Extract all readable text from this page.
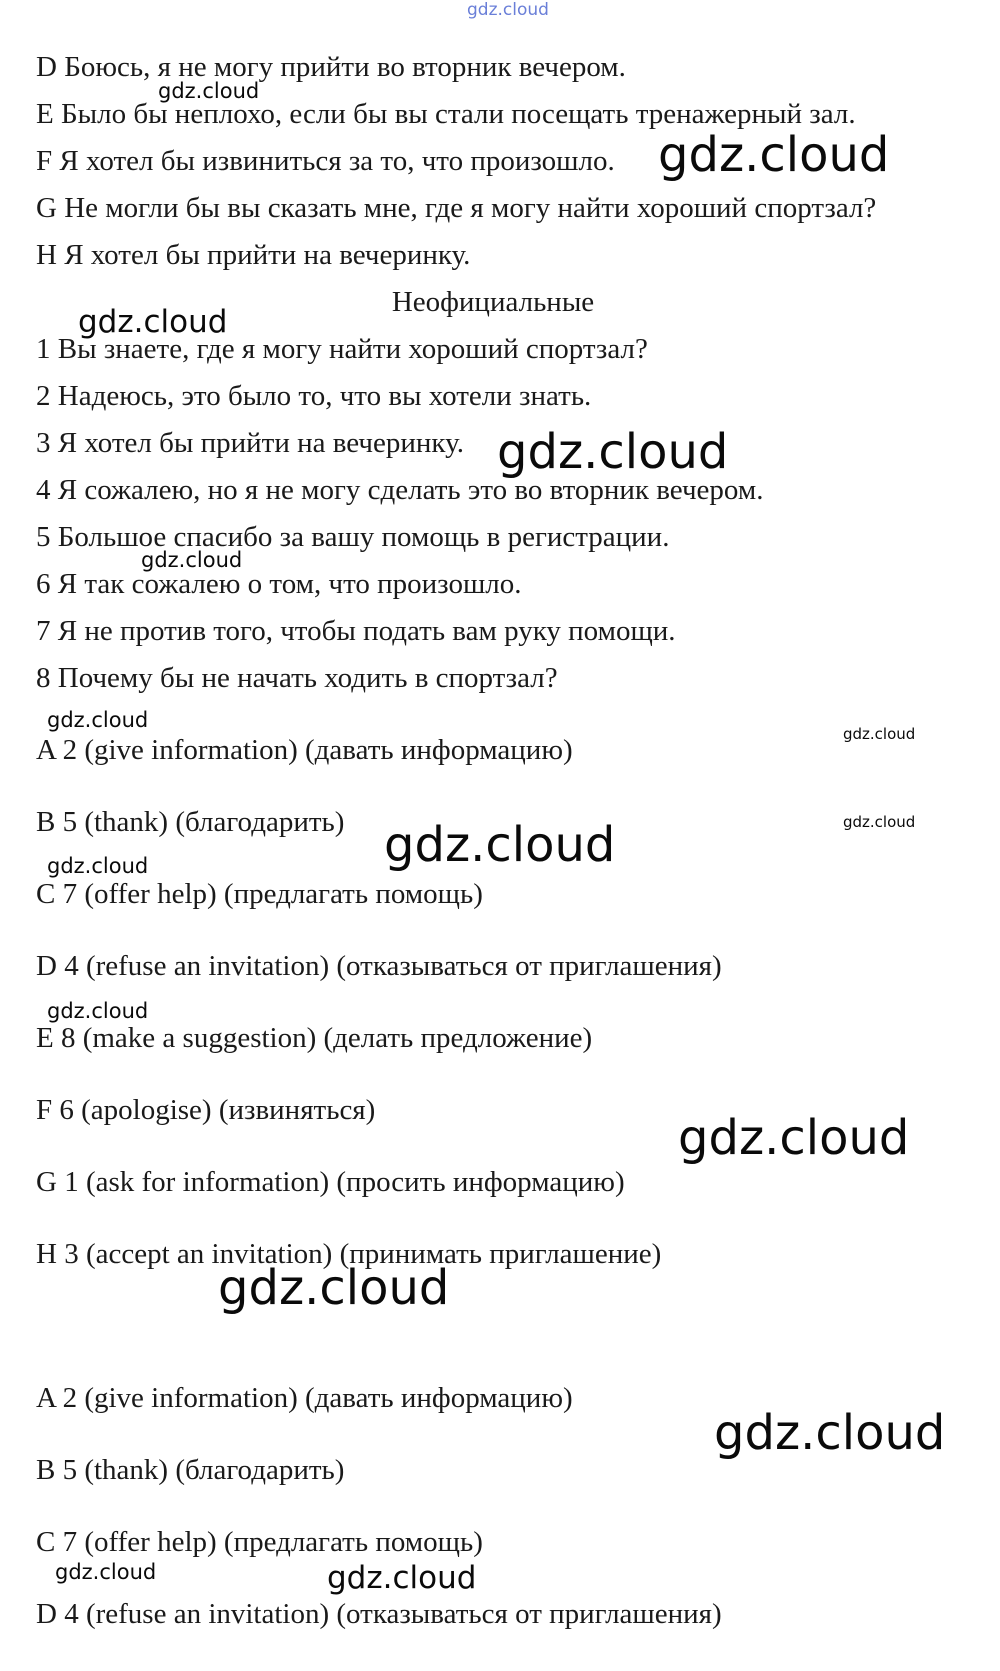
gdz.cloud
D Боюсь, я не могу прийти во вторник вечером.
E Было бы неплохо, если бы вы стали посещать тренажерный зал.
F Я хотел бы извиниться за то, что произошло.
G Не могли бы вы сказать мне, где я могу найти хороший спортзал?
H Я хотел бы прийти на вечеринку.
Неофициальные
1 Вы знаете, где я могу найти хороший спортзал?
2 Надеюсь, это было то, что вы хотели знать.
3 Я хотел бы прийти на вечеринку.
4 Я сожалею, но я не могу сделать это во вторник вечером.
5 Большое спасибо за вашу помощь в регистрации.
6 Я так сожалею о том, что произошло.
7 Я не против того, чтобы подать вам руку помощи.
8 Почему бы не начать ходить в спортзал?
A 2 (give information) (давать информацию)
B 5 (thank) (благодарить)
C 7 (offer help) (предлагать помощь)
D 4 (refuse an invitation) (отказываться от приглашения)
E 8 (make a suggestion) (делать предложение)
F 6 (apologise) (извиняться)
G 1 (ask for information) (просить информацию)
H 3 (accept an invitation) (принимать приглашение)
A 2 (give information) (давать информацию)
B 5 (thank) (благодарить)
C 7 (offer help) (предлагать помощь)
D 4 (refuse an invitation) (отказываться от приглашения)
gdz.cloud
gdz.cloud
gdz.cloud
gdz.cloud
gdz.cloud
gdz.cloud
gdz.cloud
gdz.cloud
gdz.cloud
gdz.cloud
gdz.cloud
gdz.cloud
gdz.cloud
gdz.cloud
gdz.cloud	gdz.cloud
